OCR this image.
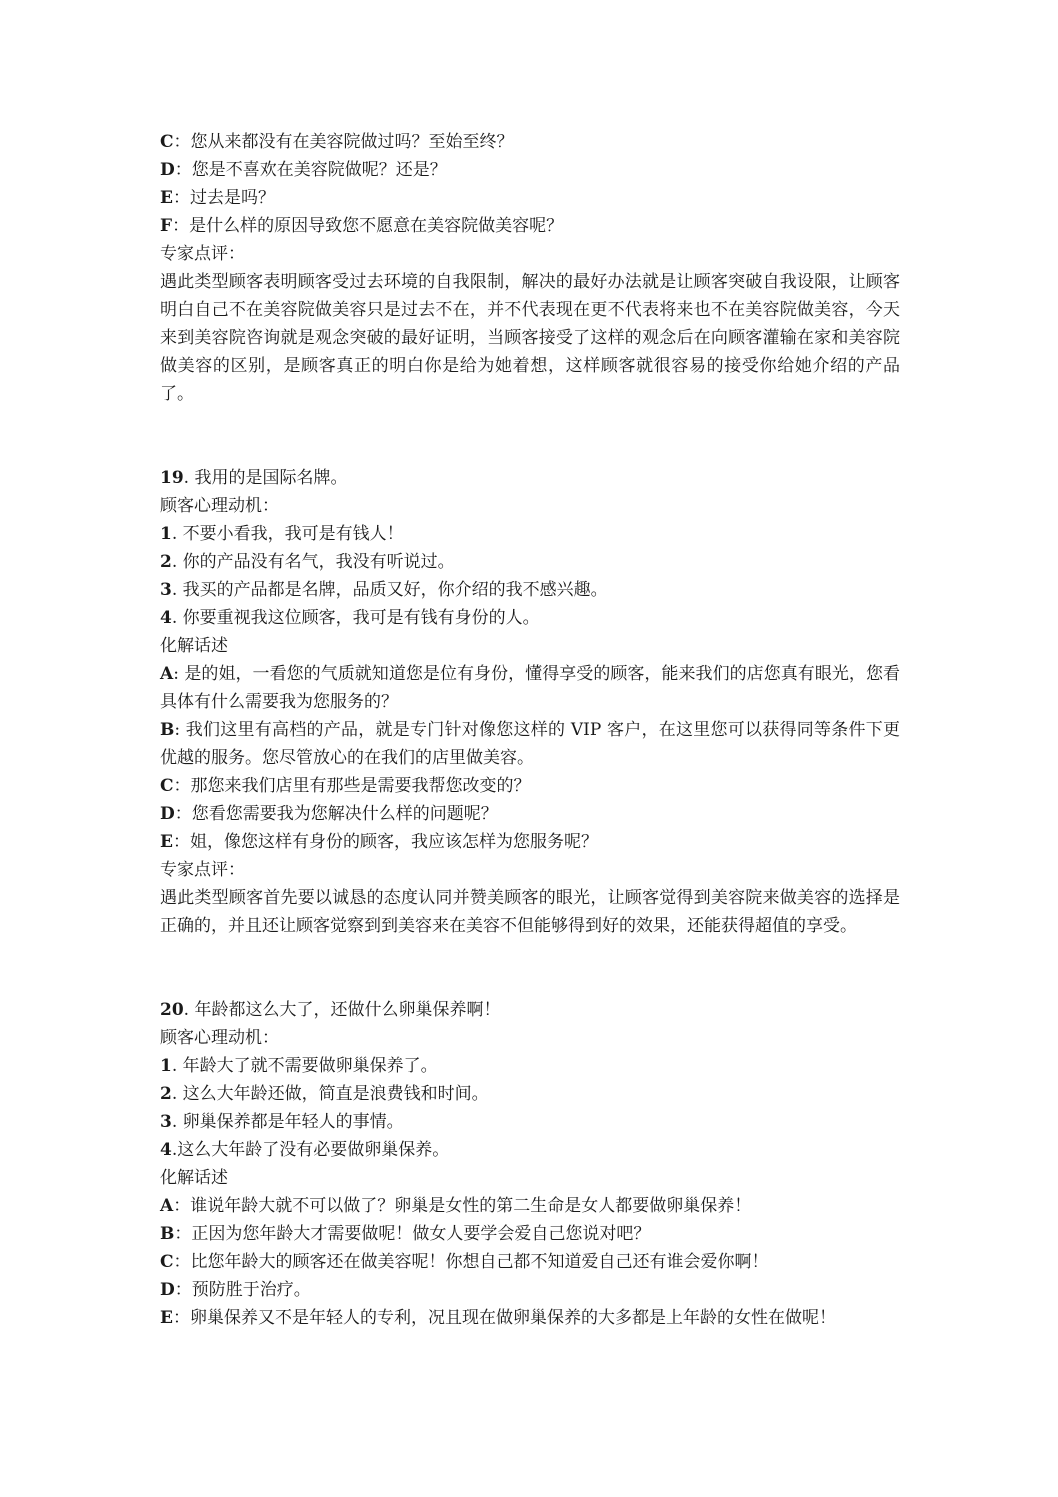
C：您从来都没有在美容院做过吗？至始至终？
D：您是不喜欢在美容院做呢？还是？
E：过去是吗？
F：是什么样的原因导致您不愿意在美容院做美容呢？
专家点评：
遇此类型顾客表明顾客受过去环境的自我限制，解决的最好办法就是让顾客突破自我设限，让顾客明白自己不在美容院做美容只是过去不在，并不代表现在更不代表将来也不在美容院做美容，今天来到美容院咨询就是观念突破的最好证明，当顾客接受了这样的观念后在向顾客灌输在家和美容院做美容的区别，是顾客真正的明白你是给为她着想，这样顾客就很容易的接受你给她介绍的产品了。
19. 我用的是国际名牌。
顾客心理动机：
1. 不要小看我，我可是有钱人！
2. 你的产品没有名气，我没有听说过。
3. 我买的产品都是名牌，品质又好，你介绍的我不感兴趣。
4. 你要重视我这位顾客，我可是有钱有身份的人。
化解话述
A: 是的姐，一看您的气质就知道您是位有身份，懂得享受的顾客，能来我们的店您真有眼光，您看具体有什么需要我为您服务的？
B: 我们这里有高档的产品，就是专门针对像您这样的 VIP 客户，在这里您可以获得同等条件下更优越的服务。您尽管放心的在我们的店里做美容。
C：那您来我们店里有那些是需要我帮您改变的？
D：您看您需要我为您解决什么样的问题呢？
E：姐，像您这样有身份的顾客，我应该怎样为您服务呢？
专家点评：
遇此类型顾客首先要以诚恳的态度认同并赞美顾客的眼光，让顾客觉得到美容院来做美容的选择是正确的，并且还让顾客觉察到到美容来在美容不但能够得到好的效果，还能获得超值的享受。
20. 年龄都这么大了，还做什么卵巢保养啊！
顾客心理动机：
1. 年龄大了就不需要做卵巢保养了。
2. 这么大年龄还做，简直是浪费钱和时间。
3. 卵巢保养都是年轻人的事情。
4.这么大年龄了没有必要做卵巢保养。
化解话述
A：谁说年龄大就不可以做了？卵巢是女性的第二生命是女人都要做卵巢保养！
B：正因为您年龄大才需要做呢！做女人要学会爱自己您说对吧？
C：比您年龄大的顾客还在做美容呢！你想自己都不知道爱自己还有谁会爱你啊！
D：预防胜于治疗。
E：卵巢保养又不是年轻人的专利，况且现在做卵巢保养的大多都是上年龄的女性在做呢！
